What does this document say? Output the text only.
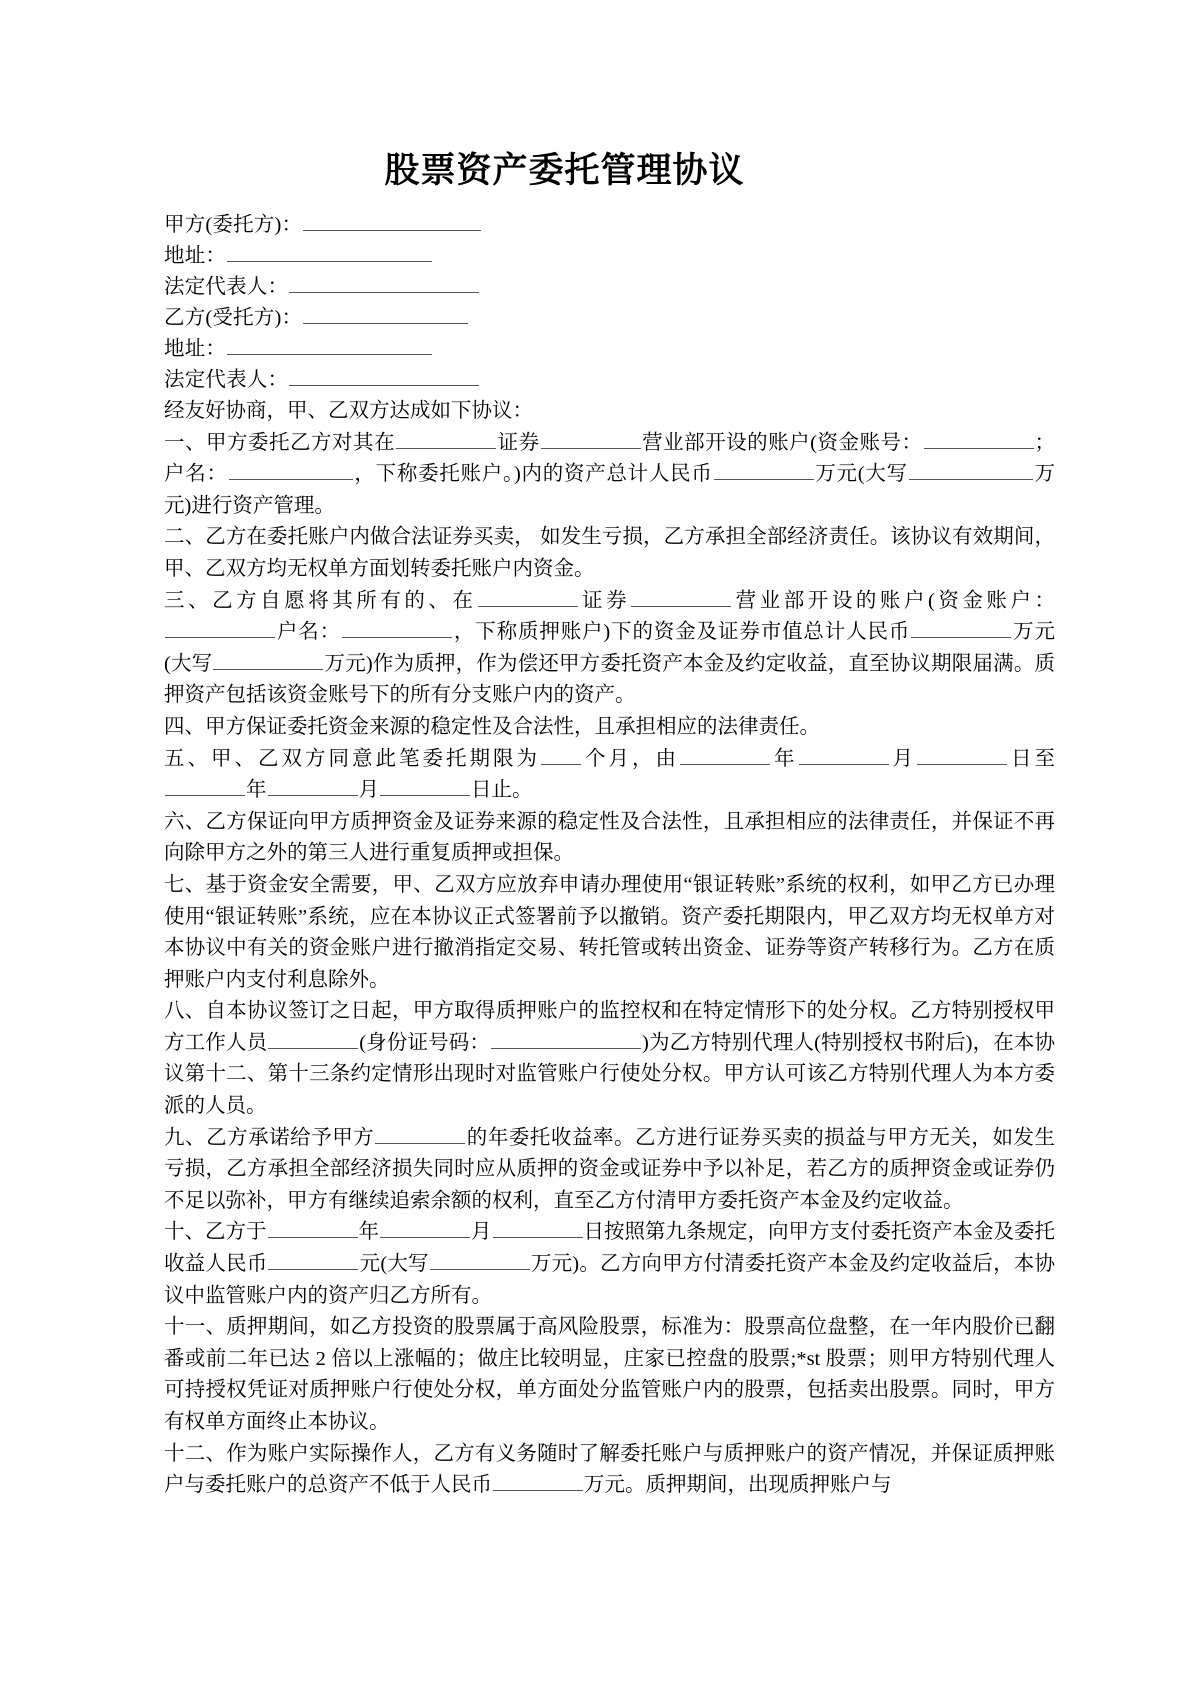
股票资产委托管理协议
甲方(委托方)：
地址：
法定代表人：
乙方(受托方)：
地址：
法定代表人：

经友好协商，甲、乙双方达成如下协议：

一、甲方委托乙方对其在	证券	营业部开设的账户(资金账号：	；户名：	，下称委托账户。)内的资产总计人民币	万元(大写	万元)进行资产管理。

二、乙方在委托账户内做合法证券买卖， 如发生亏损，乙方承担全部经济责任。该协议有效期间，甲、乙双方均无权单方面划转委托账户内资金。

三、乙方自愿将其所有的、在	证券	营业部开设的账户(资金账户：户名：	，下称质押账户)下的资金及证券市值总计人民币	万元(大写	万元)作为质押，作为偿还甲方委托资产本金及约定收益，直至协议期限届满。质押资产包括该资金账号下的所有分支账户内的资产。

四、甲方保证委托资金来源的稳定性及合法性，且承担相应的法律责任。

五、甲、乙双方同意此笔委托期限为 个月，由	年	月	日至年	月	日止。

六、乙方保证向甲方质押资金及证券来源的稳定性及合法性，且承担相应的法律责任，并保证不再向除甲方之外的第三人进行重复质押或担保。

七、基于资金安全需要，甲、乙双方应放弃申请办理使用“银证转账”系统的权利，如甲乙方已办理使用“银证转账”系统，应在本协议正式签署前予以撤销。资产委托期限内，甲乙双方均无权单方对本协议中有关的资金账户进行撤消指定交易、转托管或转出资金、证券等资产转移行为。乙方在质押账户内支付利息除外。

八、自本协议签订之日起，甲方取得质押账户的监控权和在特定情形下的处分权。乙方特别授权甲方工作人员	(身份证号码：	)为乙方特别代理人(特别授权书附后)，在本协议第十二、第十三条约定情形出现时对监管账户行使处分权。甲方认可该乙方特别代理人为本方委派的人员。

九、乙方承诺给予甲方	的年委托收益率。乙方进行证券买卖的损益与甲方无关，如发生亏损，乙方承担全部经济损失同时应从质押的资金或证券中予以补足，若乙方的质押资金或证券仍不足以弥补，甲方有继续追索余额的权利，直至乙方付清甲方委托资产本金及约定收益。

十、乙方于	年	月	日按照第九条规定，向甲方支付委托资产本金及委托收益人民币	元(大写	万元)。乙方向甲方付清委托资产本金及约定收益后，本协议中监管账户内的资产归乙方所有。

十一、质押期间，如乙方投资的股票属于高风险股票，标准为：股票高位盘整，在一年内股价已翻番或前二年已达 2 倍以上涨幅的；做庄比较明显，庄家已控盘的股票;*st 股票；则甲方特别代理人可持授权凭证对质押账户行使处分权，单方面处分监管账户内的股票，包括卖出股票。同时，甲方有权单方面终止本协议。

十二、作为账户实际操作人，乙方有义务随时了解委托账户与质押账户的资产情况，并保证质押账户与委托账户的总资产不低于人民币	万元。质押期间，出现质押账户与
